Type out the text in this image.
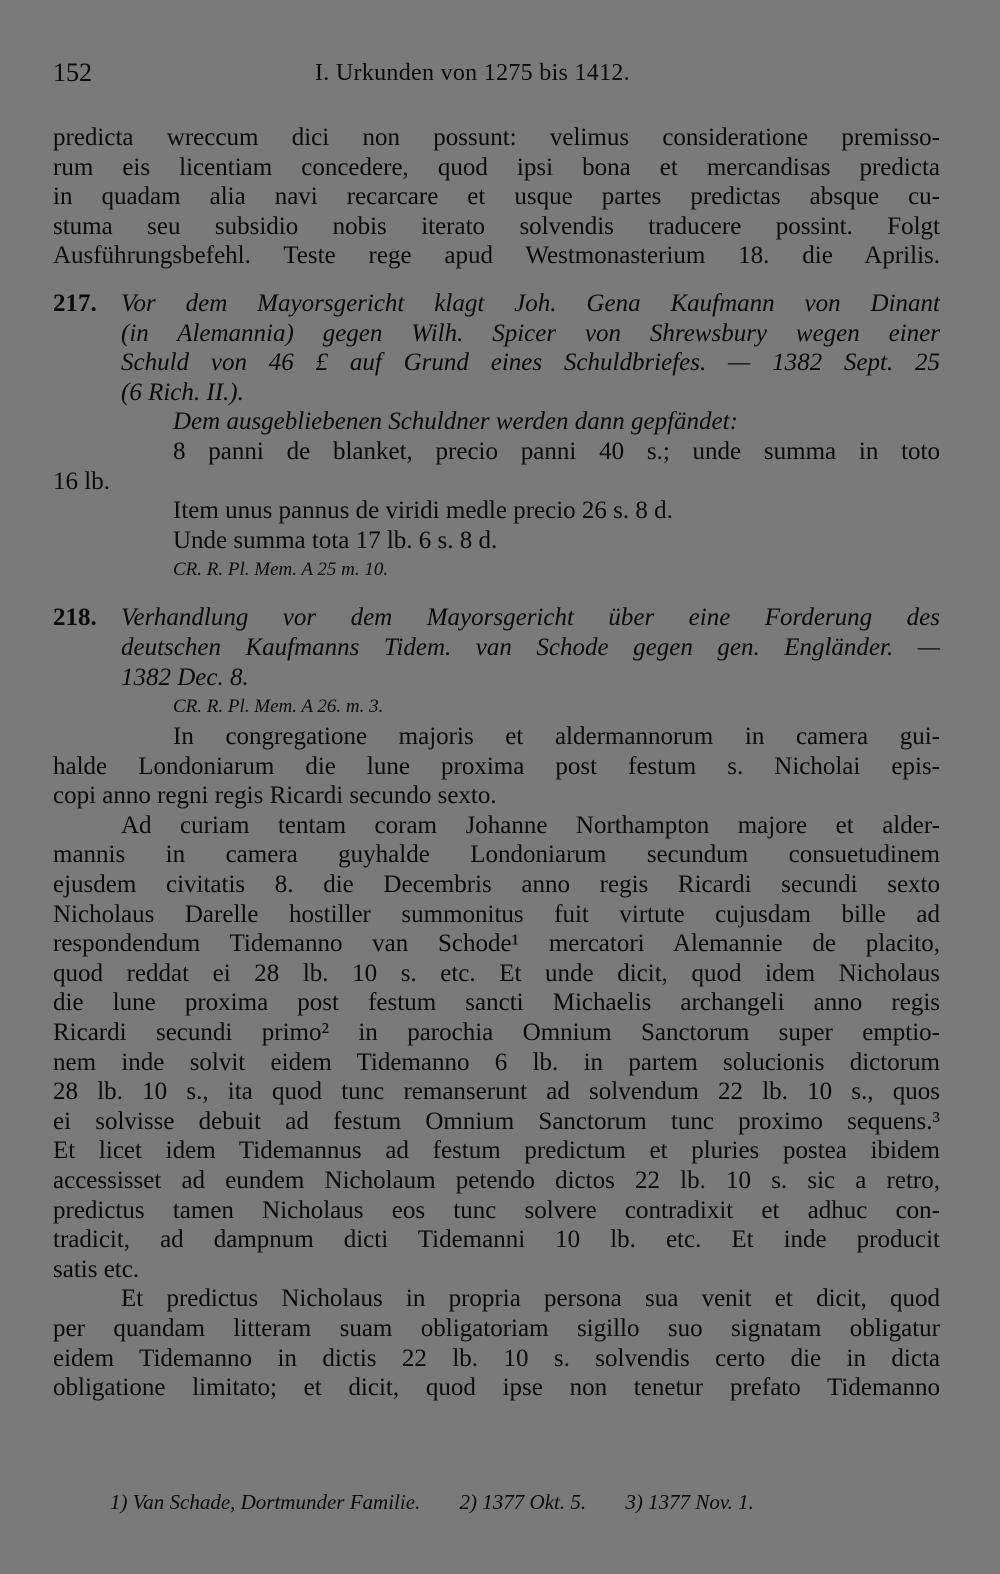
152	I. Urkunden von 1275 bis 1412.
predicta wreccum dici non possunt: velimus consideratione premisso-
rum eis licentiam concedere, quod ipsi bona et mercandisas predicta
in quadam alia navi recarcare et usque partes predictas absque cu-
stuma seu subsidio nobis iterato solvendis traducere possint. Folgt
Ausführungsbefehl. Teste rege apud Westmonasterium 18. die Aprilis.
217. Vor dem Mayorsgericht klagt Joh. Gena Kaufmann von Dinant
(in Alemannia) gegen Wilh. Spicer von Shrewsbury wegen einer
Schuld von 46 £ auf Grund eines Schuldbriefes. — 1382 Sept. 25
(6 Rich. II.).
Dem ausgebliebenen Schuldner werden dann gepfändet:
8 panni de blanket, precio panni 40 s.; unde summa in toto
16 lb.
Item unus pannus de viridi medle precio 26 s. 8 d.
Unde summa tota 17 lb. 6 s. 8 d.
CR. R. Pl. Mem. A 25 m. 10.
218. Verhandlung vor dem Mayorsgericht über eine Forderung des
deutschen Kaufmanns Tidem. van Schode gegen gen. Engländer. —
1382 Dec. 8.
CR. R. Pl. Mem. A 26. m. 3.
In congregatione majoris et aldermannorum in camera gui-
halde Londoniarum die lune proxima post festum s. Nicholai epis-
copi anno regni regis Ricardi secundo sexto.
Ad curiam tentam coram Johanne Northampton majore et alder-
mannis in camera guyhalde Londoniarum secundum consuetudinem
ejusdem civitatis 8. die Decembris anno regis Ricardi secundi sexto
Nicholaus Darelle hostiller summonitus fuit virtute cujusdam bille ad
respondendum Tidemanno van Schode¹ mercatori Alemannie de placito,
quod reddat ei 28 lb. 10 s. etc. Et unde dicit, quod idem Nicholaus
die lune proxima post festum sancti Michaelis archangeli anno regis
Ricardi secundi primo² in parochia Omnium Sanctorum super emptio-
nem inde solvit eidem Tidemanno 6 lb. in partem solucionis dictorum
28 lb. 10 s., ita quod tunc remanserunt ad solvendum 22 lb. 10 s., quos
ei solvisse debuit ad festum Omnium Sanctorum tunc proximo sequens.³
Et licet idem Tidemannus ad festum predictum et pluries postea ibidem
accessisset ad eundem Nicholaum petendo dictos 22 lb. 10 s. sic a retro,
predictus tamen Nicholaus eos tunc solvere contradixit et adhuc con-
tradicit, ad dampnum dicti Tidemanni 10 lb. etc. Et inde producit
satis etc.
Et predictus Nicholaus in propria persona sua venit et dicit, quod
per quandam litteram suam obligatoriam sigillo suo signatam obligatur
eidem Tidemanno in dictis 22 lb. 10 s. solvendis certo die in dicta
obligatione limitato; et dicit, quod ipse non tenetur prefato Tidemanno
1) Van Schade, Dortmunder Familie. 2) 1377 Okt. 5. 3) 1377 Nov. 1.
